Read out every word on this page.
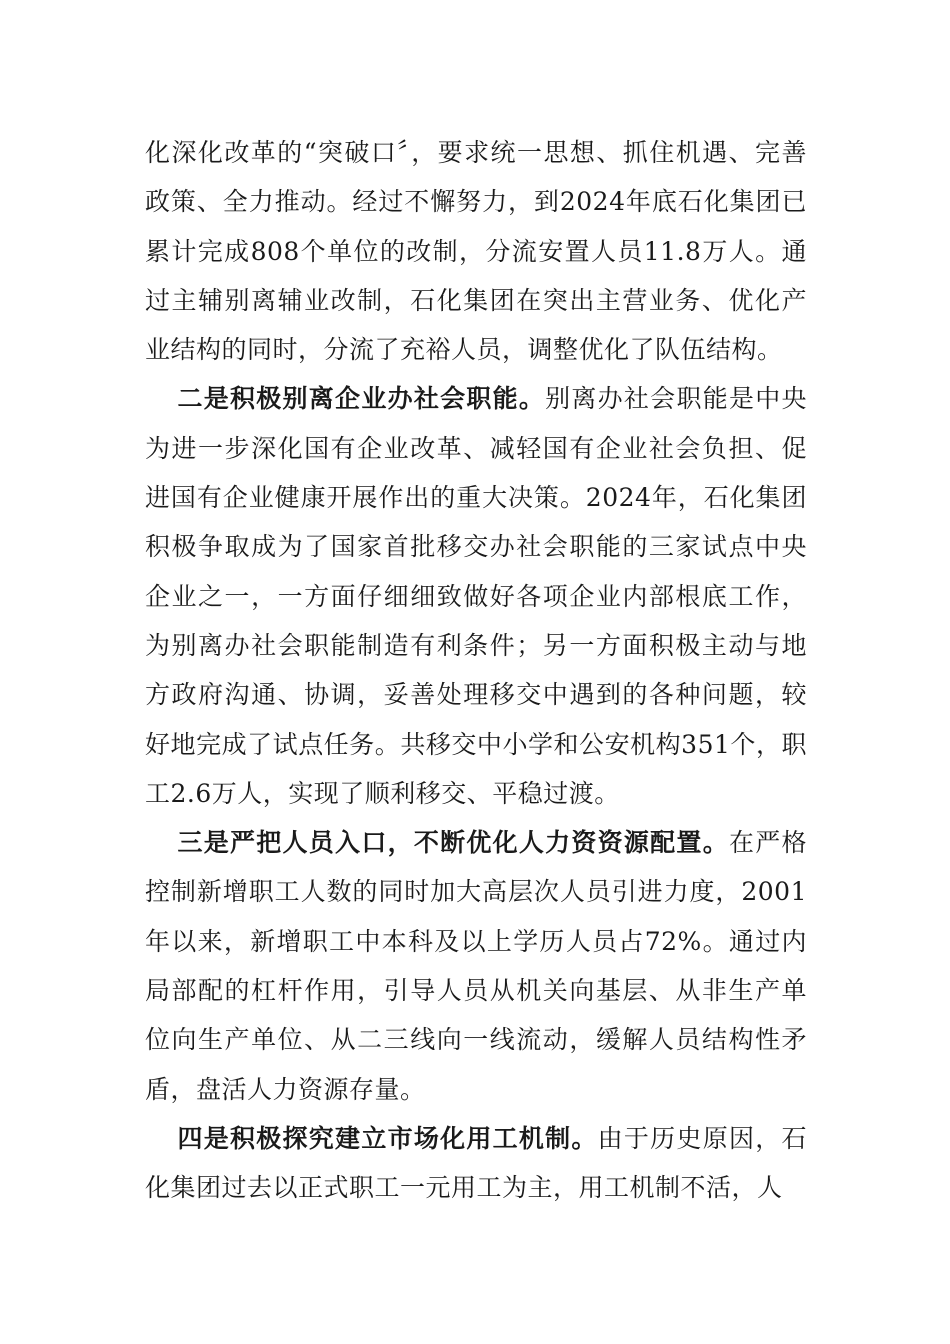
化深化改革的“突破口〞，要求统一思想、抓住机遇、完善政策、全力推动。经过不懈努力，到2024年底石化集团已累计完成808个单位的改制，分流安置人员11.8万人。通过主辅别离辅业改制，石化集团在突出主营业务、优化产业结构的同时，分流了充裕人员，调整优化了队伍结构。

二是积极别离企业办社会职能。别离办社会职能是中央为进一步深化国有企业改革、减轻国有企业社会负担、促进国有企业健康开展作出的重大决策。2024年，石化集团积极争取成为了国家首批移交办社会职能的三家试点中央企业之一，一方面仔细细致做好各项企业内部根底工作，为别离办社会职能制造有利条件；另一方面积极主动与地方政府沟通、协调，妥善处理移交中遇到的各种问题，较好地完成了试点任务。共移交中小学和公安机构351个，职工2.6万人，实现了顺利移交、平稳过渡。

三是严把人员入口，不断优化人力资资源配置。在严格控制新增职工人数的同时加大高层次人员引进力度，2001年以来，新增职工中本科及以上学历人员占72%。通过内局部配的杠杆作用，引导人员从机关向基层、从非生产单位向生产单位、从二三线向一线流动，缓解人员结构性矛盾，盘活人力资源存量。

四是积极探究建立市场化用工机制。由于历史原因，石化集团过去以正式职工一元用工为主，用工机制不活，人
